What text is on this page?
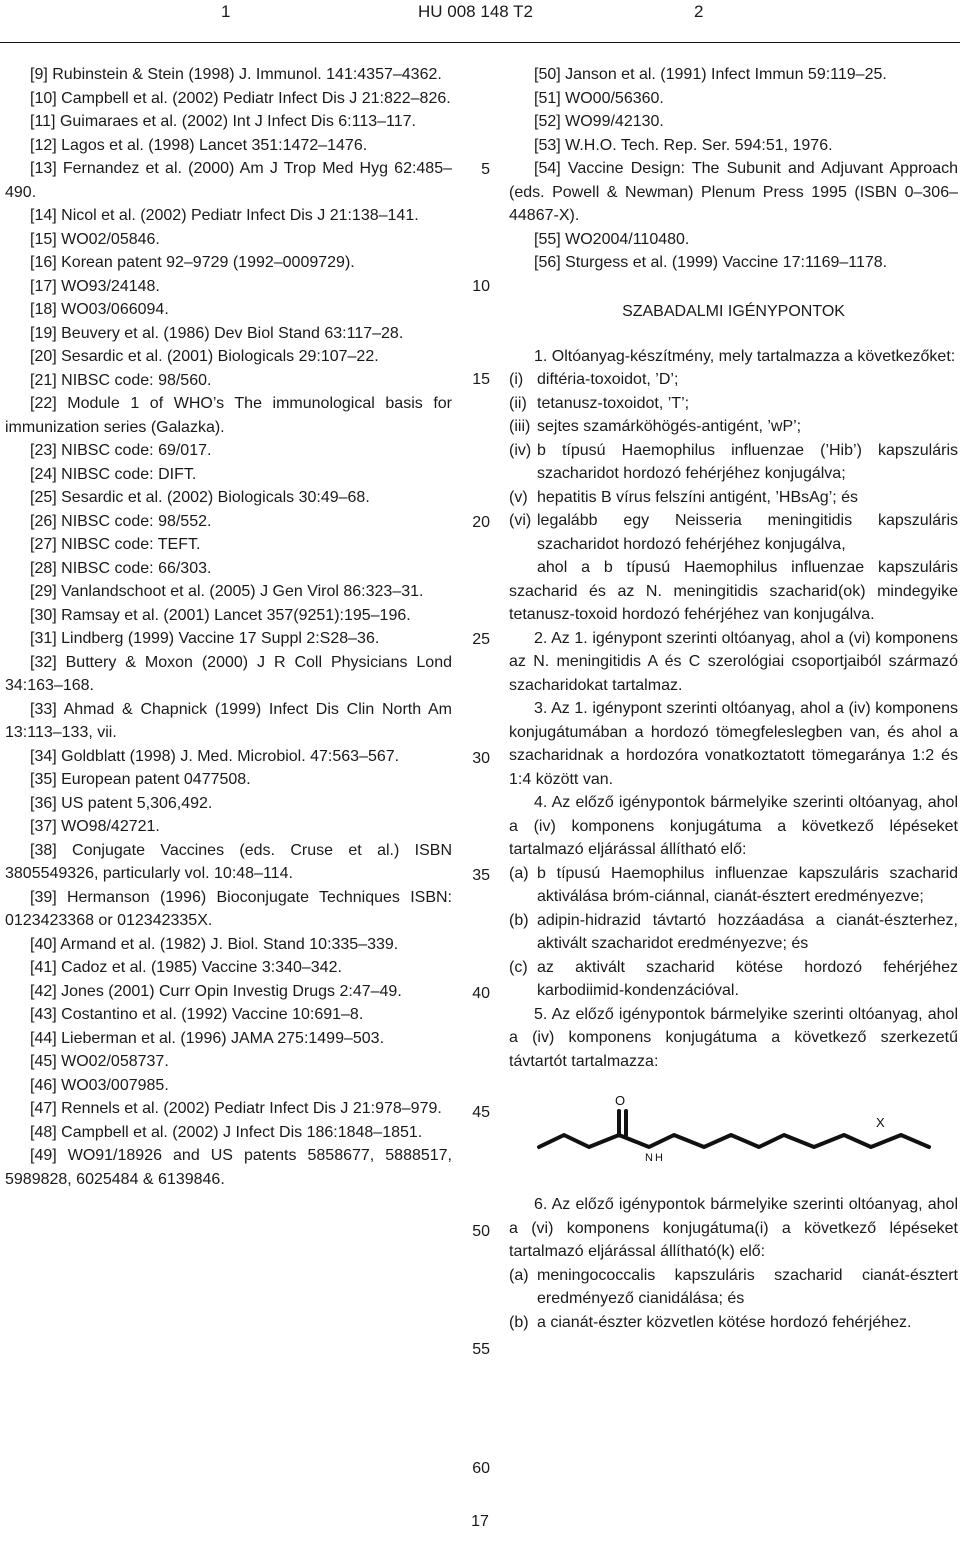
1	HU 008 148 T2	2

[9] Rubinstein & Stein (1998) J. Immunol. 141:4357–4362.

[10] Campbell et al. (2002) Pediatr Infect Dis J 21:822–826.

[11] Guimaraes et al. (2002) Int J Infect Dis 6:113–117.

[12] Lagos et al. (1998) Lancet 351:1472–1476.

[13] Fernandez et al. (2000) Am J Trop Med Hyg 62:485–490.

[14] Nicol et al. (2002) Pediatr Infect Dis J 21:138–141.

[15] WO02/05846.

[16] Korean patent 92–9729 (1992–0009729).

[17] WO93/24148.

[18] WO03/066094.

[19] Beuvery et al. (1986) Dev Biol Stand 63:117–28.

[20] Sesardic et al. (2001) Biologicals 29:107–22.

[21] NIBSC code: 98/560.

[22] Module 1 of WHO’s The immunological basis for immunization series (Galazka).

[23] NIBSC code: 69/017.

[24] NIBSC code: DIFT.

[25] Sesardic et al. (2002) Biologicals 30:49–68.

[26] NIBSC code: 98/552.

[27] NIBSC code: TEFT.

[28] NIBSC code: 66/303.

[29] Vanlandschoot et al. (2005) J Gen Virol 86:323–31.

[30] Ramsay et al. (2001) Lancet 357(9251):195–196.

[31] Lindberg (1999) Vaccine 17 Suppl 2:S28–36.

[32] Buttery & Moxon (2000) J R Coll Physicians Lond 34:163–168.

[33] Ahmad & Chapnick (1999) Infect Dis Clin North Am 13:113–133, vii.

[34] Goldblatt (1998) J. Med. Microbiol. 47:563–567.

[35] European patent 0477508.

[36] US patent 5,306,492.

[37] WO98/42721.

[38] Conjugate Vaccines (eds. Cruse et al.) ISBN 3805549326, particularly vol. 10:48–114.

[39] Hermanson (1996) Bioconjugate Techniques ISBN: 0123423368 or 012342335X.

[40] Armand et al. (1982) J. Biol. Stand 10:335–339.

[41] Cadoz et al. (1985) Vaccine 3:340–342.

[42] Jones (2001) Curr Opin Investig Drugs 2:47–49.

[43] Costantino et al. (1992) Vaccine 10:691–8.

[44] Lieberman et al. (1996) JAMA 275:1499–503.

[45] WO02/058737.

[46] WO03/007985.

[47] Rennels et al. (2002) Pediatr Infect Dis J 21:978–979.

[48] Campbell et al. (2002) J Infect Dis 186:1848–1851.

[49] WO91/18926 and US patents 5858677, 5888517, 5989828, 6025484 & 6139846.

5
10
15
20
25
30
35
40
45
50
55
60

[50] Janson et al. (1991) Infect Immun 59:119–25.

[51] WO00/56360.

[52] WO99/42130.

[53] W.H.O. Tech. Rep. Ser. 594:51, 1976.

[54] Vaccine Design: The Subunit and Adjuvant Approach (eds. Powell & Newman) Plenum Press 1995 (ISBN 0–306–44867-X).

[55] WO2004/110480.

[56] Sturgess et al. (1999) Vaccine 17:1169–1178.

SZABADALMI IGÉNYPONTOK

1. Oltóanyag-készítmény, mely tartalmazza a következőket:

(i) diftéria-toxoidot, ’D’;
(ii) tetanusz-toxoidot, ’T’;
(iii) sejtes szamárköhögés-antigént, ’wP’;
(iv) b típusú Haemophilus influenzae (’Hib’) kapszuláris szacharidot hordozó fehérjéhez konjugálva;
(v) hepatitis B vírus felszíni antigént, ’HBsAg’; és
(vi) legalább egy Neisseria meningitidis kapszuláris szacharidot hordozó fehérjéhez konjugálva,

ahol a b típusú Haemophilus influenzae kapszuláris szacharid és az N. meningitidis szacharid(ok) mindegyike tetanusz-toxoid hordozó fehérjéhez van konjugálva.

2. Az 1. igénypont szerinti oltóanyag, ahol a (vi) komponens az N. meningitidis A és C szerológiai csoportjaiból származó szacharidokat tartalmaz.

3. Az 1. igénypont szerinti oltóanyag, ahol a (iv) komponens konjugátumában a hordozó tömegfeleslegben van, és ahol a szacharidnak a hordozóra vonatkoztatott tömegaránya 1:2 és 1:4 között van.

4. Az előző igénypontok bármelyike szerinti oltóanyag, ahol a (iv) komponens konjugátuma a következő lépéseket tartalmazó eljárással állítható elő:

(a) b típusú Haemophilus influenzae kapszuláris szacharid aktiválása bróm-ciánnal, cianát-észtert eredményezve;
(b) adipin-hidrazid távtartó hozzáadása a cianát-észterhez, aktivált szacharidot eredményezve; és
(c) az aktivált szacharid kötése hordozó fehérjéhez karbodiimid-kondenzációval.

5. Az előző igénypontok bármelyike szerinti oltóanyag, ahol a (iv) komponens konjugátuma a következő szerkezetű távtartót tartalmazza:

O
X
N H

6. Az előző igénypontok bármelyike szerinti oltóanyag, ahol a (vi) komponens konjugátuma(i) a következő lépéseket tartalmazó eljárással állítható(k) elő:

(a) meningococcalis kapszuláris szacharid cianát-észtert eredményező cianidálása; és
(b) a cianát-észter közvetlen kötése hordozó fehérjéhez.
17
